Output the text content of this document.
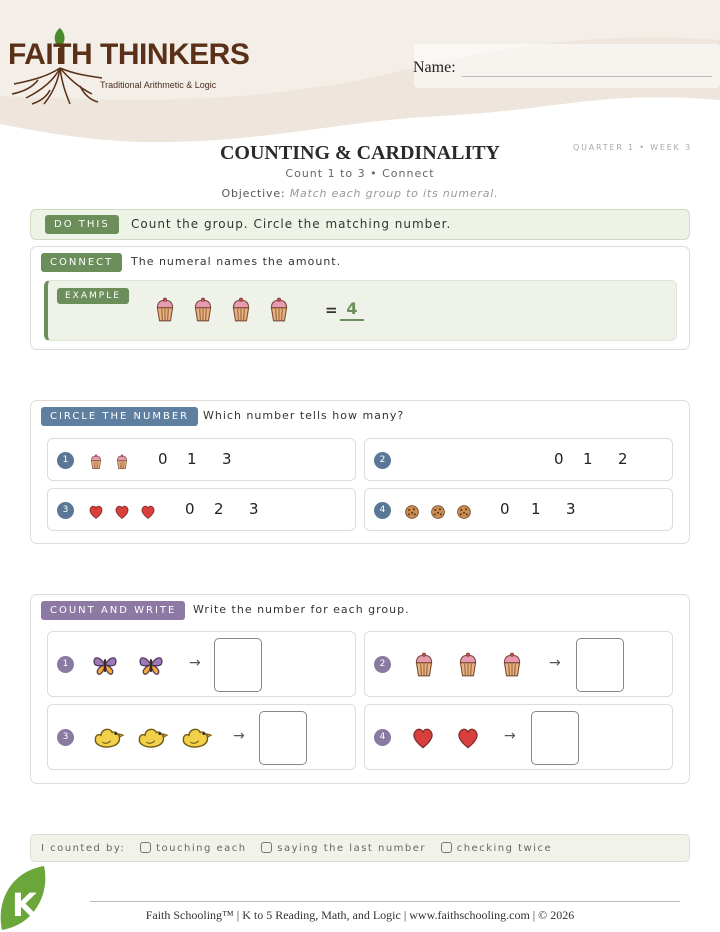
FAITH THINKERS
Traditional Arithmetic & Logic
Name:
COUNTING & CARDINALITY
Count 1 to 3 • Connect
Objective: Match each group to its numeral.
QUARTER 1 • WEEK 3
DO THIS	Count the group. Circle the matching number.
CONNECT	The numeral names the amount.
EXAMPLE
= 4
CIRCLE THE NUMBER	Which number tells how many?
1	0 1 3	2	0 1 2
3	0 2 3	4	0 1 3
COUNT AND WRITE	Write the number for each group.
1	→	2	→
3	→	4	→
I counted by:	touching each	saying the last number	checking twice
K	Faith Schooling™ | K to 5 Reading, Math, and Logic | www.faithschooling.com | © 2026
